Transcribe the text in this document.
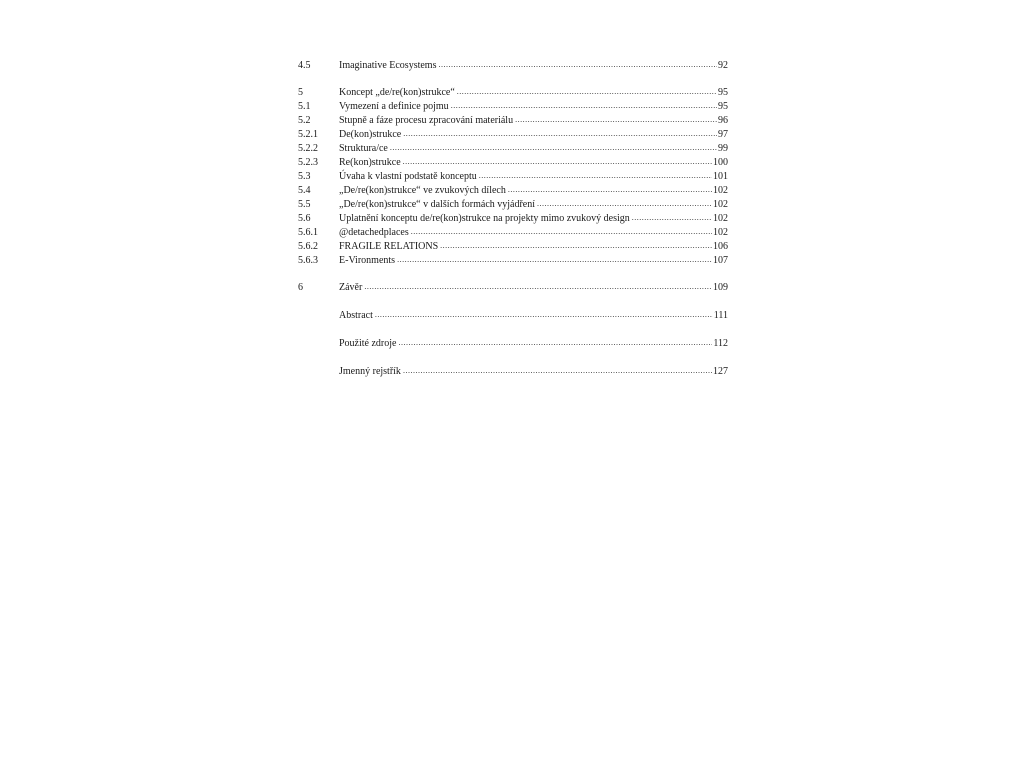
4.5	Imaginative Ecosystems .....	92
5	Koncept „de/re(kon)strukce“ .....	95
5.1	Vymezení a definice pojmu .....	95
5.2	Stupně a fáze procesu zpracování materiálu .....	96
5.2.1	De(kon)strukce .....	97
5.2.2	Struktura/ce .....	99
5.2.3	Re(kon)strukce .....	100
5.3	Úvaha k vlastní podstatě konceptu .....	101
5.4	„De/re(kon)strukce“ ve zvukových dílech .....	102
5.5	„De/re(kon)strukce“ v dalších formách vyjádření .....	102
5.6	Uplatnění konceptu de/re(kon)strukce na projekty mimo zvukový design .....	102
5.6.1	@detachedplaces .....	102
5.6.2	FRAGILE RELATIONS .....	106
5.6.3	E-Vironments .....	107
6	Závěr .....	109
Abstract .....	111
Použité zdroje .....	112
Jmenný rejstřík .....	127
